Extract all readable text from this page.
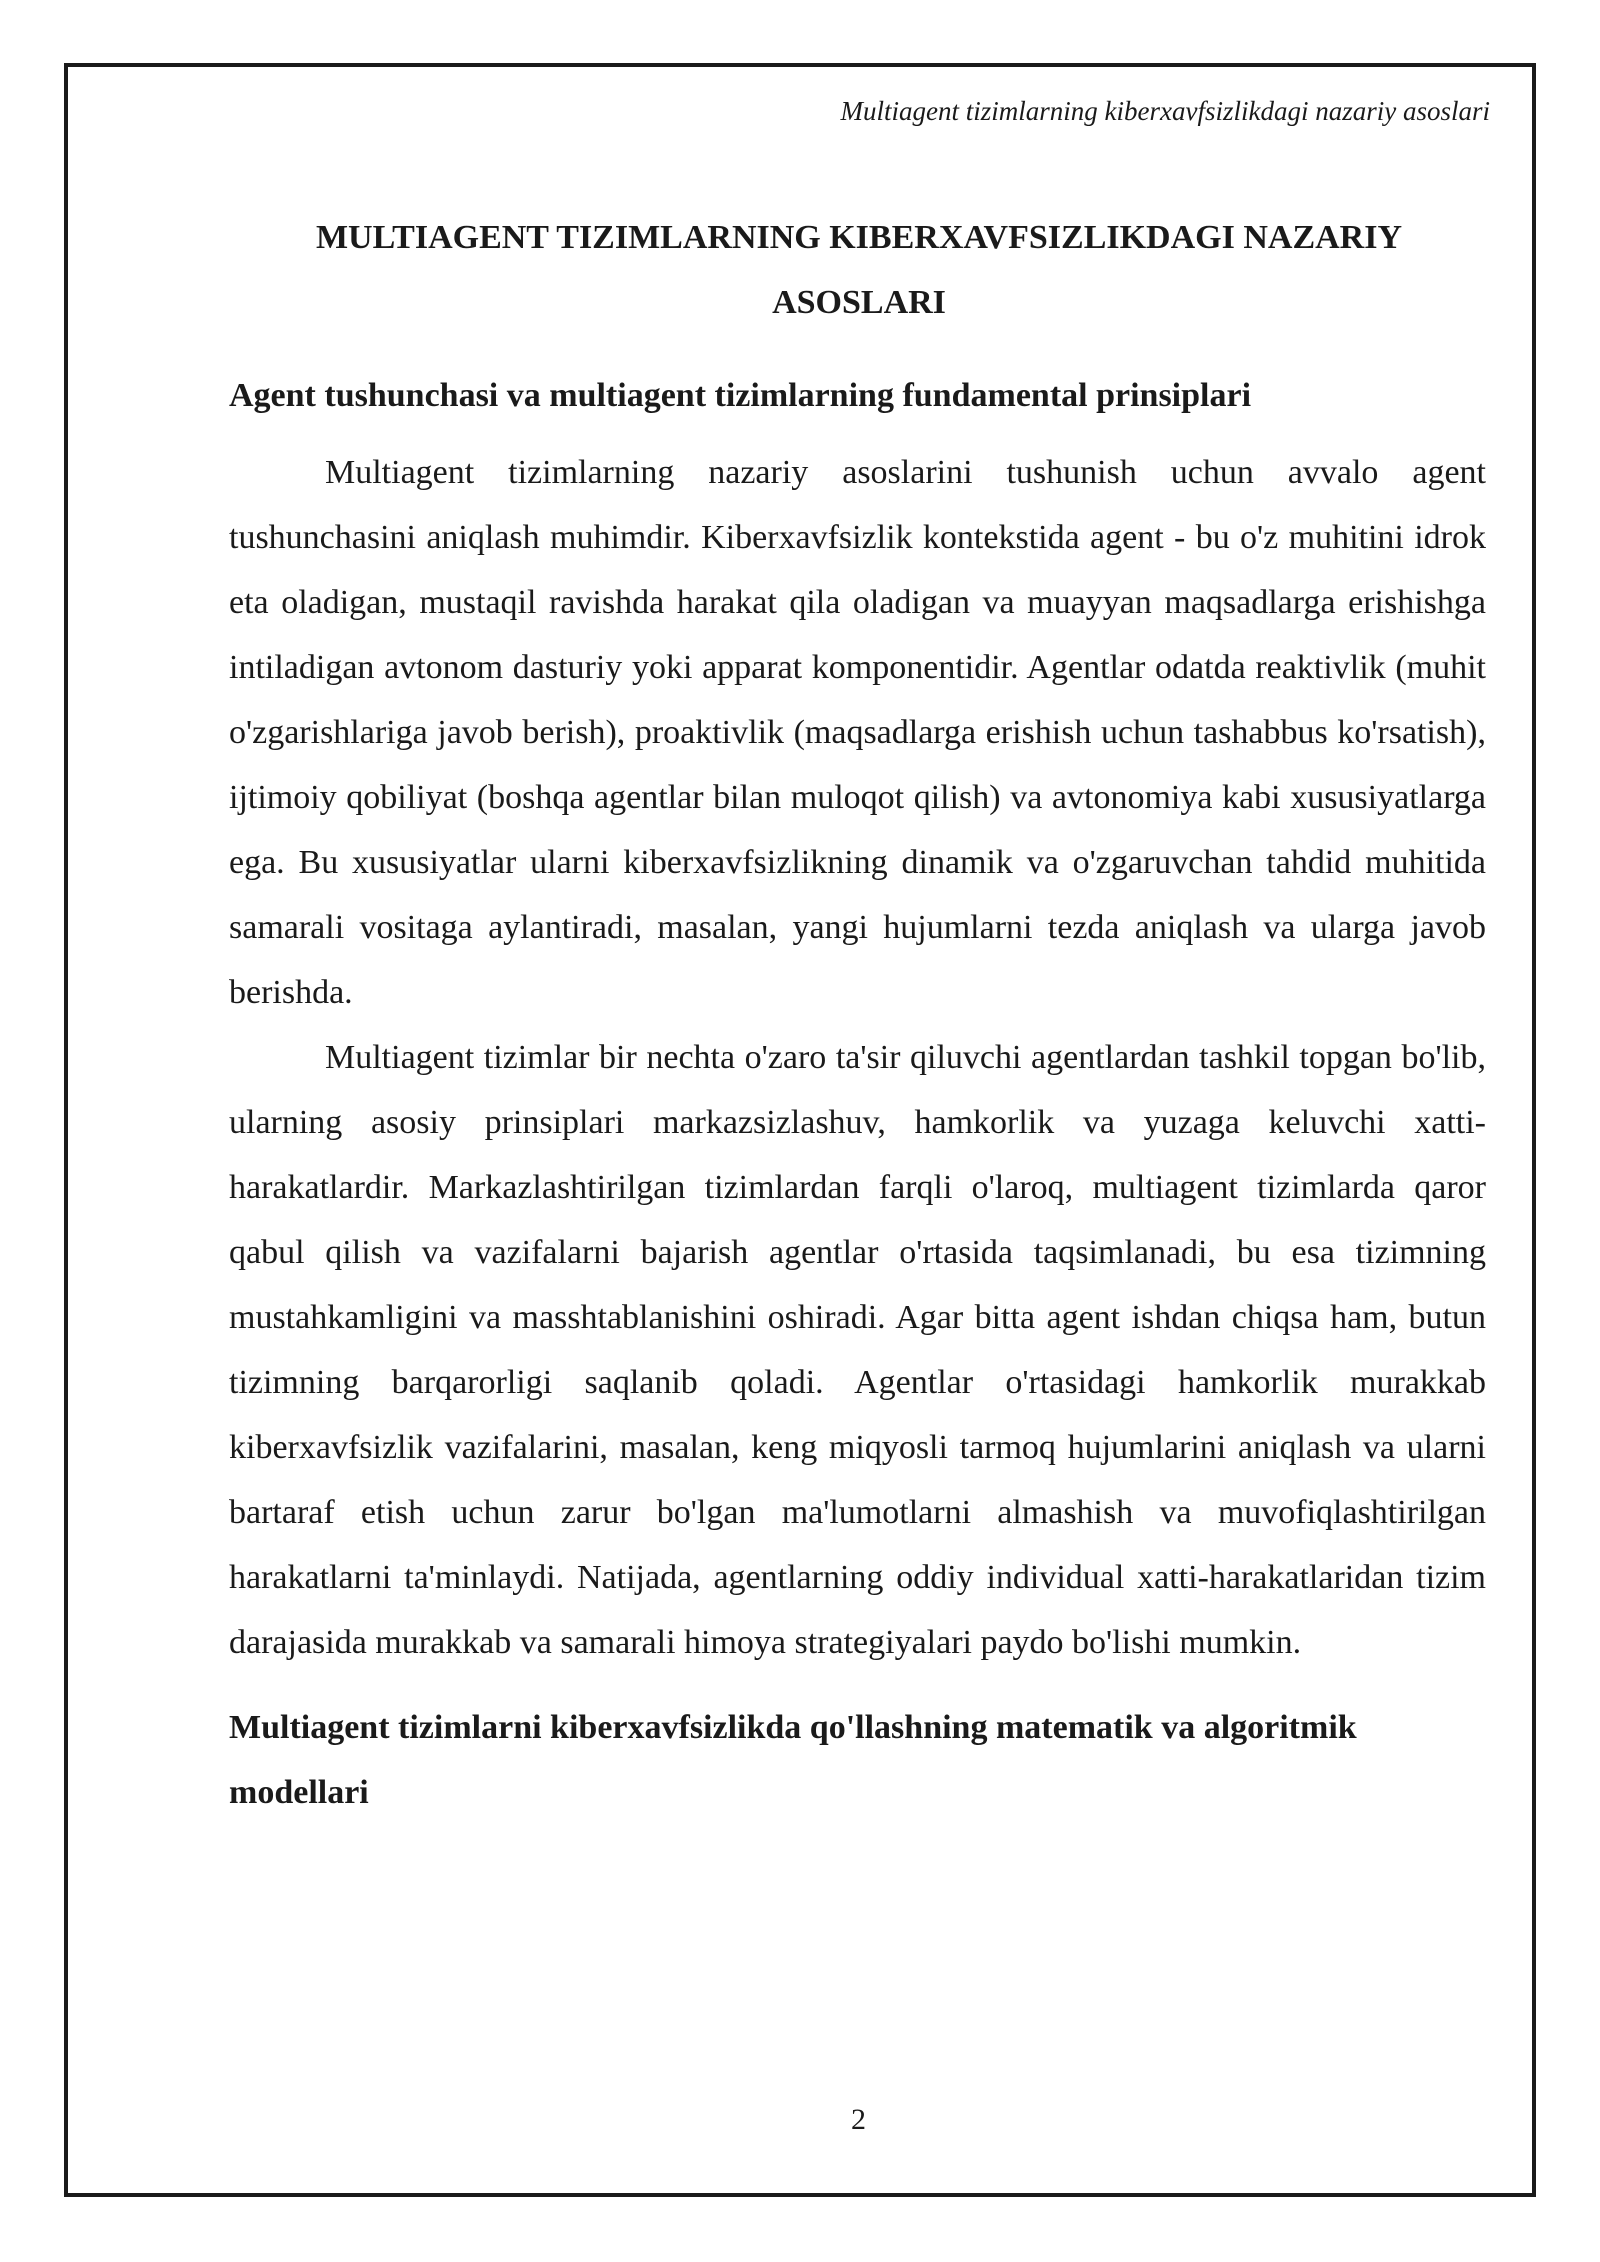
Multiagent tizimlarning kiberxavfsizlikdagi nazariy asoslari
MULTIAGENT TIZIMLARNING KIBERXAVFSIZLIKDAGI NAZARIY ASOSLARI
Agent tushunchasi va multiagent tizimlarning fundamental prinsiplari

Multiagent tizimlarning nazariy asoslarini tushunish uchun avvalo agent tushunchasini aniqlash muhimdir. Kiberxavfsizlik kontekstida agent - bu o'z muhitini idrok eta oladigan, mustaqil ravishda harakat qila oladigan va muayyan maqsadlarga erishishga intiladigan avtonom dasturiy yoki apparat komponentidir. Agentlar odatda reaktivlik (muhit o'zgarishlariga javob berish), proaktivlik (maqsadlarga erishish uchun tashabbus ko'rsatish), ijtimoiy qobiliyat (boshqa agentlar bilan muloqot qilish) va avtonomiya kabi xususiyatlarga ega. Bu xususiyatlar ularni kiberxavfsizlikning dinamik va o'zgaruvchan tahdid muhitida samarali vositaga aylantiradi, masalan, yangi hujumlarni tezda aniqlash va ularga javob berishda.

Multiagent tizimlar bir nechta o'zaro ta'sir qiluvchi agentlardan tashkil topgan bo'lib, ularning asosiy prinsiplari markazsizlashuv, hamkorlik va yuzaga keluvchi xatti-harakatlardir. Markazlashtirilgan tizimlardan farqli o'laroq, multiagent tizimlarda qaror qabul qilish va vazifalarni bajarish agentlar o'rtasida taqsimlanadi, bu esa tizimning mustahkamligini va masshtablanishini oshiradi. Agar bitta agent ishdan chiqsa ham, butun tizimning barqarorligi saqlanib qoladi. Agentlar o'rtasidagi hamkorlik murakkab kiberxavfsizlik vazifalarini, masalan, keng miqyosli tarmoq hujumlarini aniqlash va ularni bartaraf etish uchun zarur bo'lgan ma'lumotlarni almashish va muvofiqlashtirilgan harakatlarni ta'minlaydi. Natijada, agentlarning oddiy individual xatti-harakatlaridan tizim darajasida murakkab va samarali himoya strategiyalari paydo bo'lishi mumkin.

Multiagent tizimlarni kiberxavfsizlikda qo'llashning matematik va algoritmik modellari
2
